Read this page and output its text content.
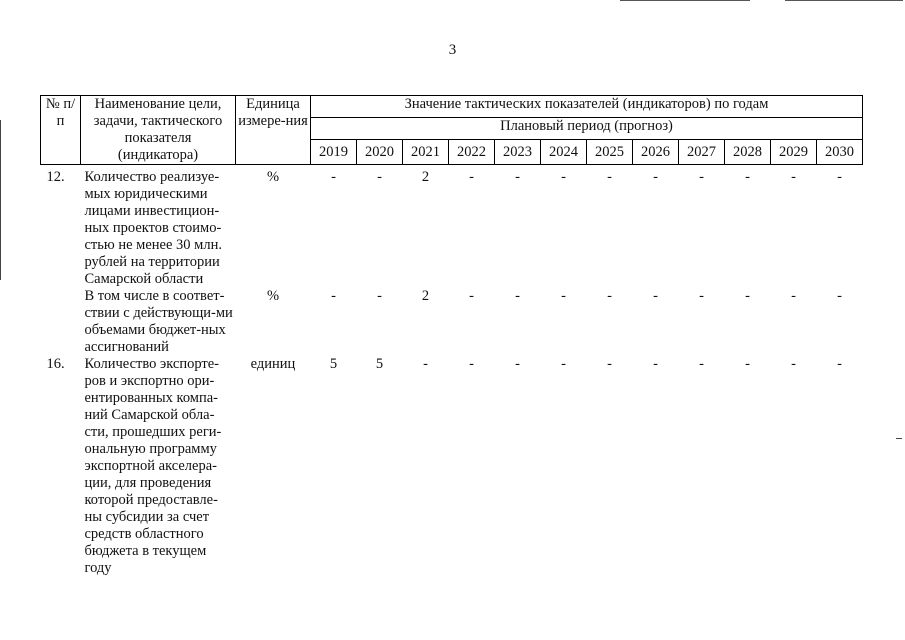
3
№ п/п	Наименование цели, задачи, тактического показателя (индикатора)	Единица измере-ния	Значение тактических показателей (индикаторов) по годам											
			Плановый период (прогноз)											
			2019	2020	2021	2022	2023	2024	2025	2026	2027	2028	2029	2030
12.	Количество реализуе-мых юридическими лицами инвестицион-ных проектов стоимо-стью не менее 30 млн. рублей на территории Самарской области	%	-	-	2	-	-	-	-	-	-	-	-	-
	В том числе в соответ-ствии с действующи-ми объемами бюджет-ных ассигнований	%	-	-	2	-	-	-	-	-	-	-	-	-
16.	Количество экспорте-ров и экспортно ори-ентированных компа-ний Самарской обла-сти, прошедших реги-ональную программу экспортной акселера-ции, для проведения которой предоставле-ны субсидии за счет средств областного бюджета в текущем году	единиц	5	5	-	-	-	-	-	-	-	-	-	-
